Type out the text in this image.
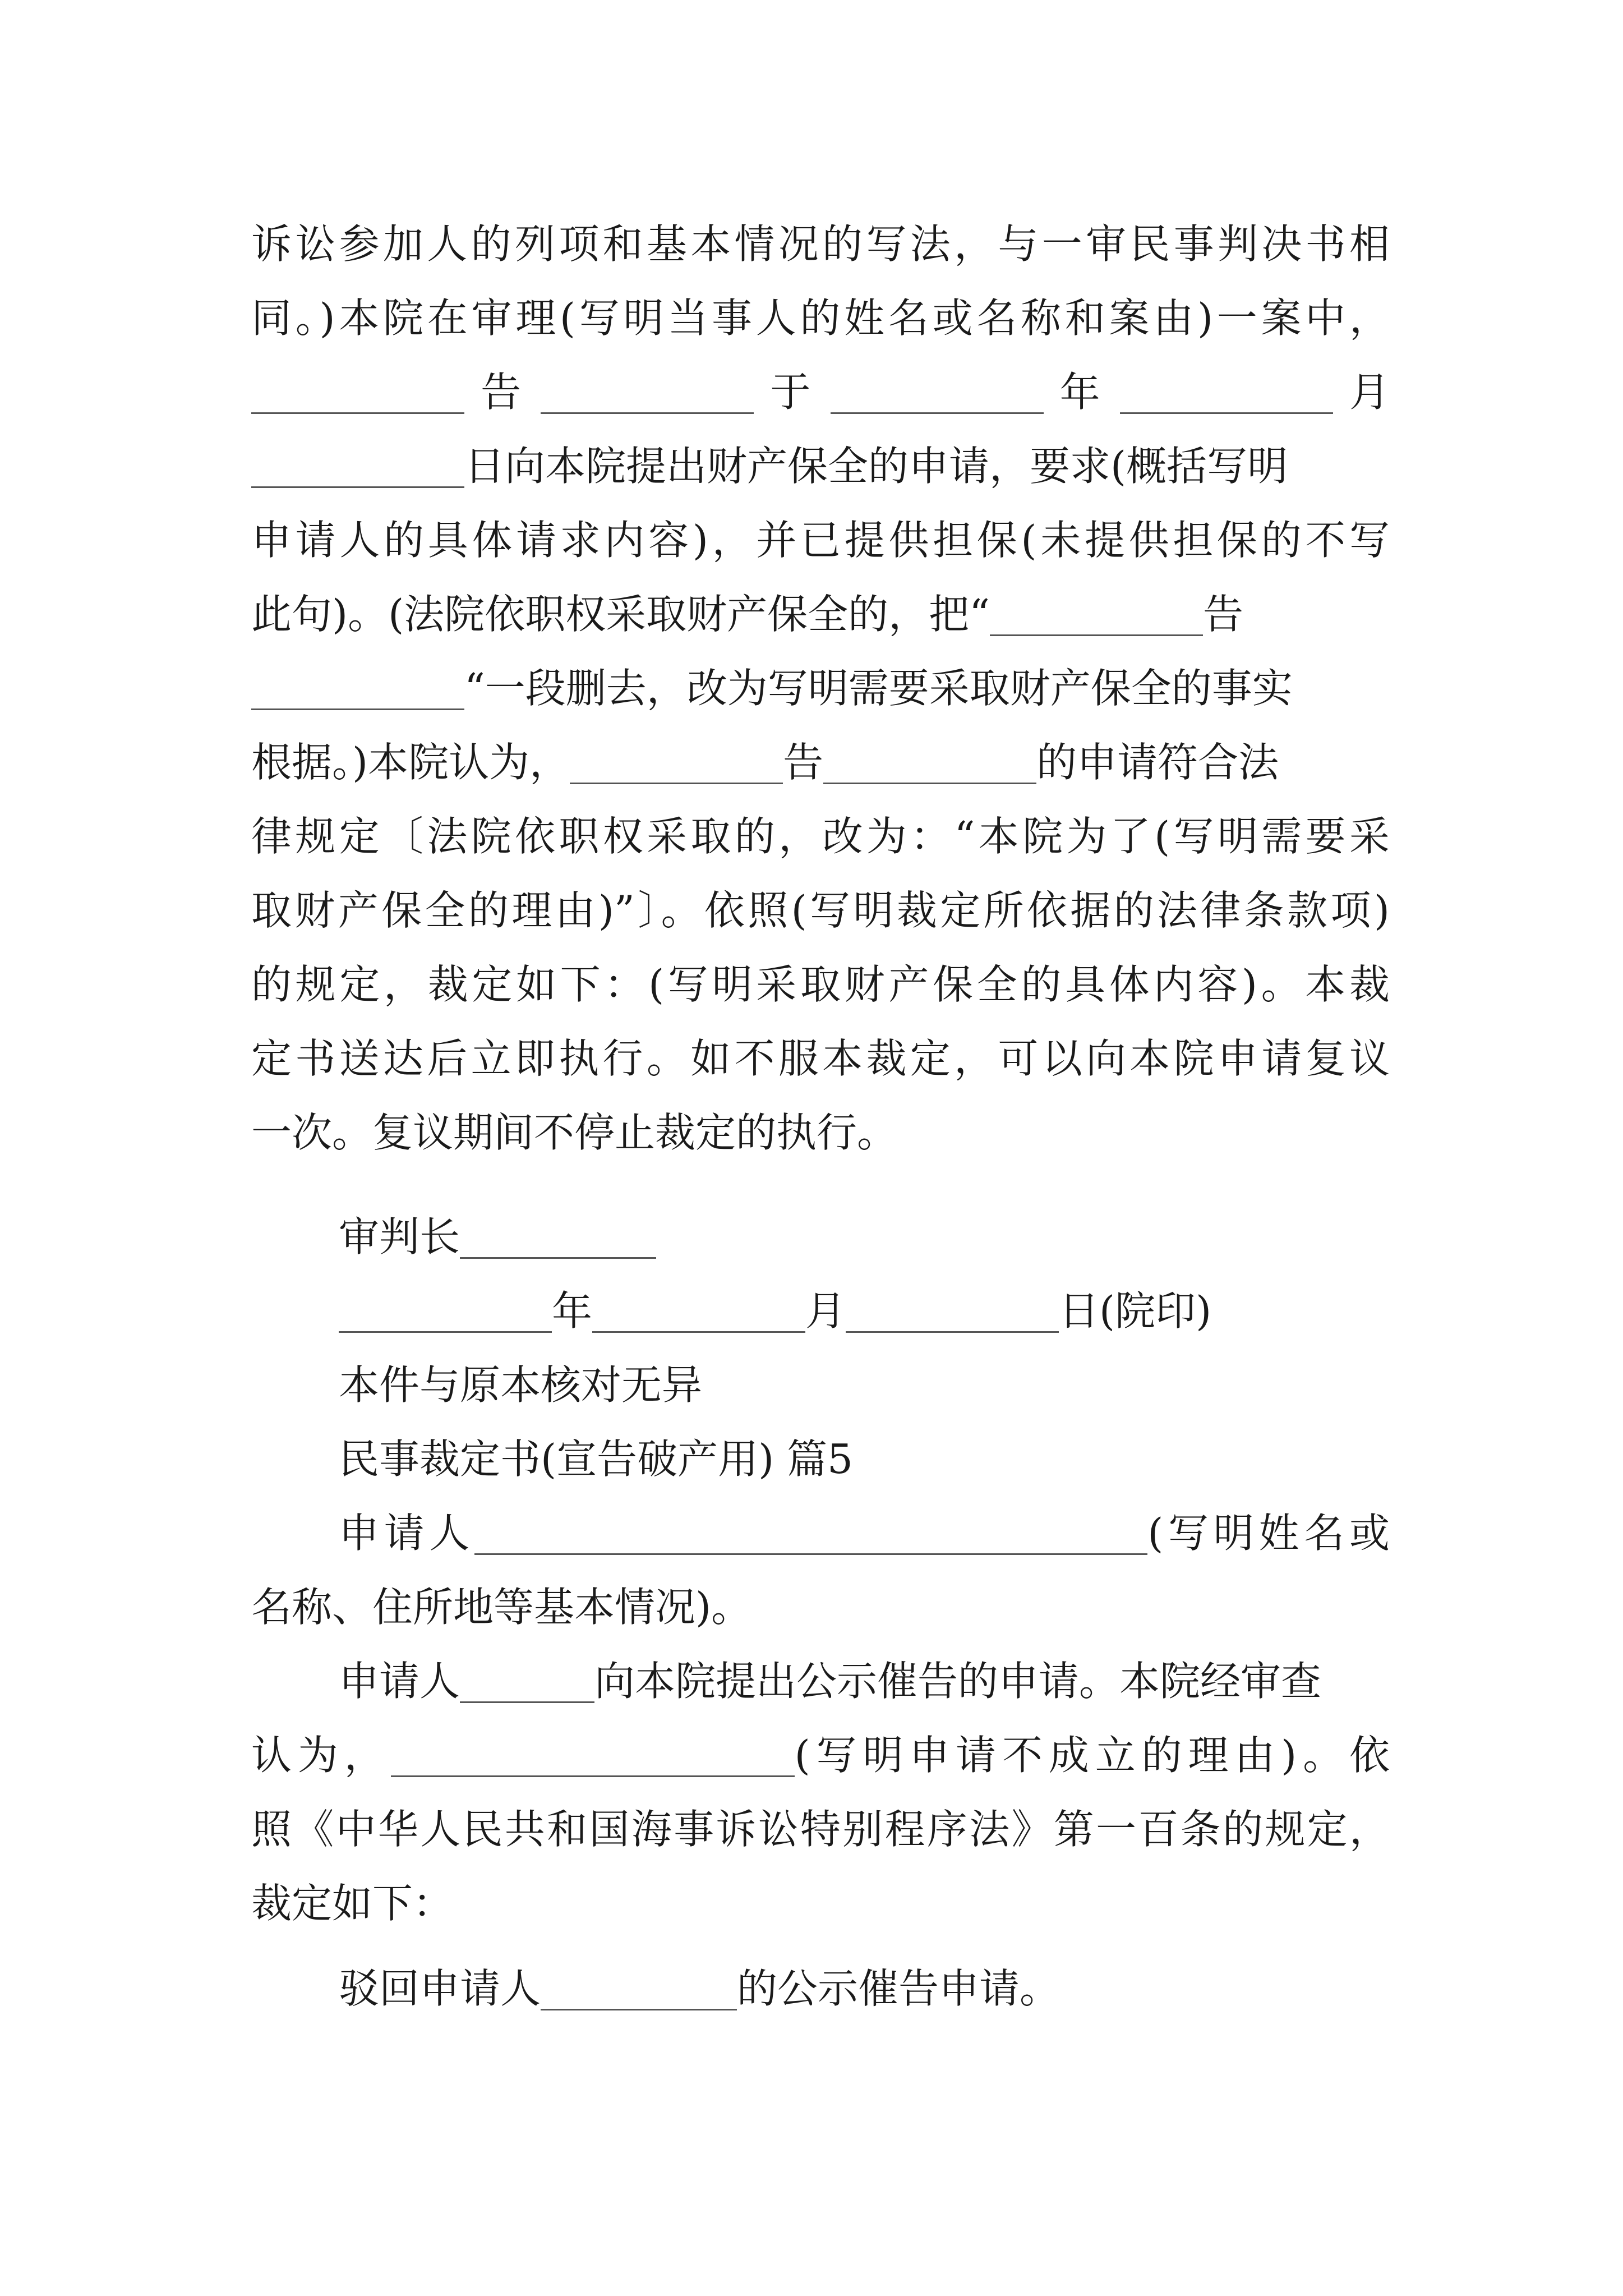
诉讼参加人的列项和基本情况的写法，与一审民事判决书相
同。)本院在审理(写明当事人的姓名或名称和案由)一案中，
告	于	年	月
日向本院提出财产保全的申请，要求(概括写明
申请人的具体请求内容)，并已提供担保(未提供担保的不写
此句)。(法院依职权采取财产保全的，把“	告
“一段删去，改为写明需要采取财产保全的事实
根据。)本院认为，	告	的申请符合法
律规定〔法院依职权采取的，改为：“本院为了(写明需要采
取财产保全的理由)”〕。依照(写明裁定所依据的法律条款项)
的规定，裁定如下：(写明采取财产保全的具体内容)。本裁
定书送达后立即执行。如不服本裁定，可以向本院申请复议
一次。复议期间不停止裁定的执行。
审判长
年	月	日(院印)
本件与原本核对无异
民事裁定书(宣告破产用) 篇5
申请人	(写明姓名或
名称、住所地等基本情况)。
申请人	向本院提出公示催告的申请。本院经审查
认为，	(写明申请不成立的理由)。依
照《中华人民共和国海事诉讼特别程序法》第一百条的规定，
裁定如下：
驳回申请人	的公示催告申请。
